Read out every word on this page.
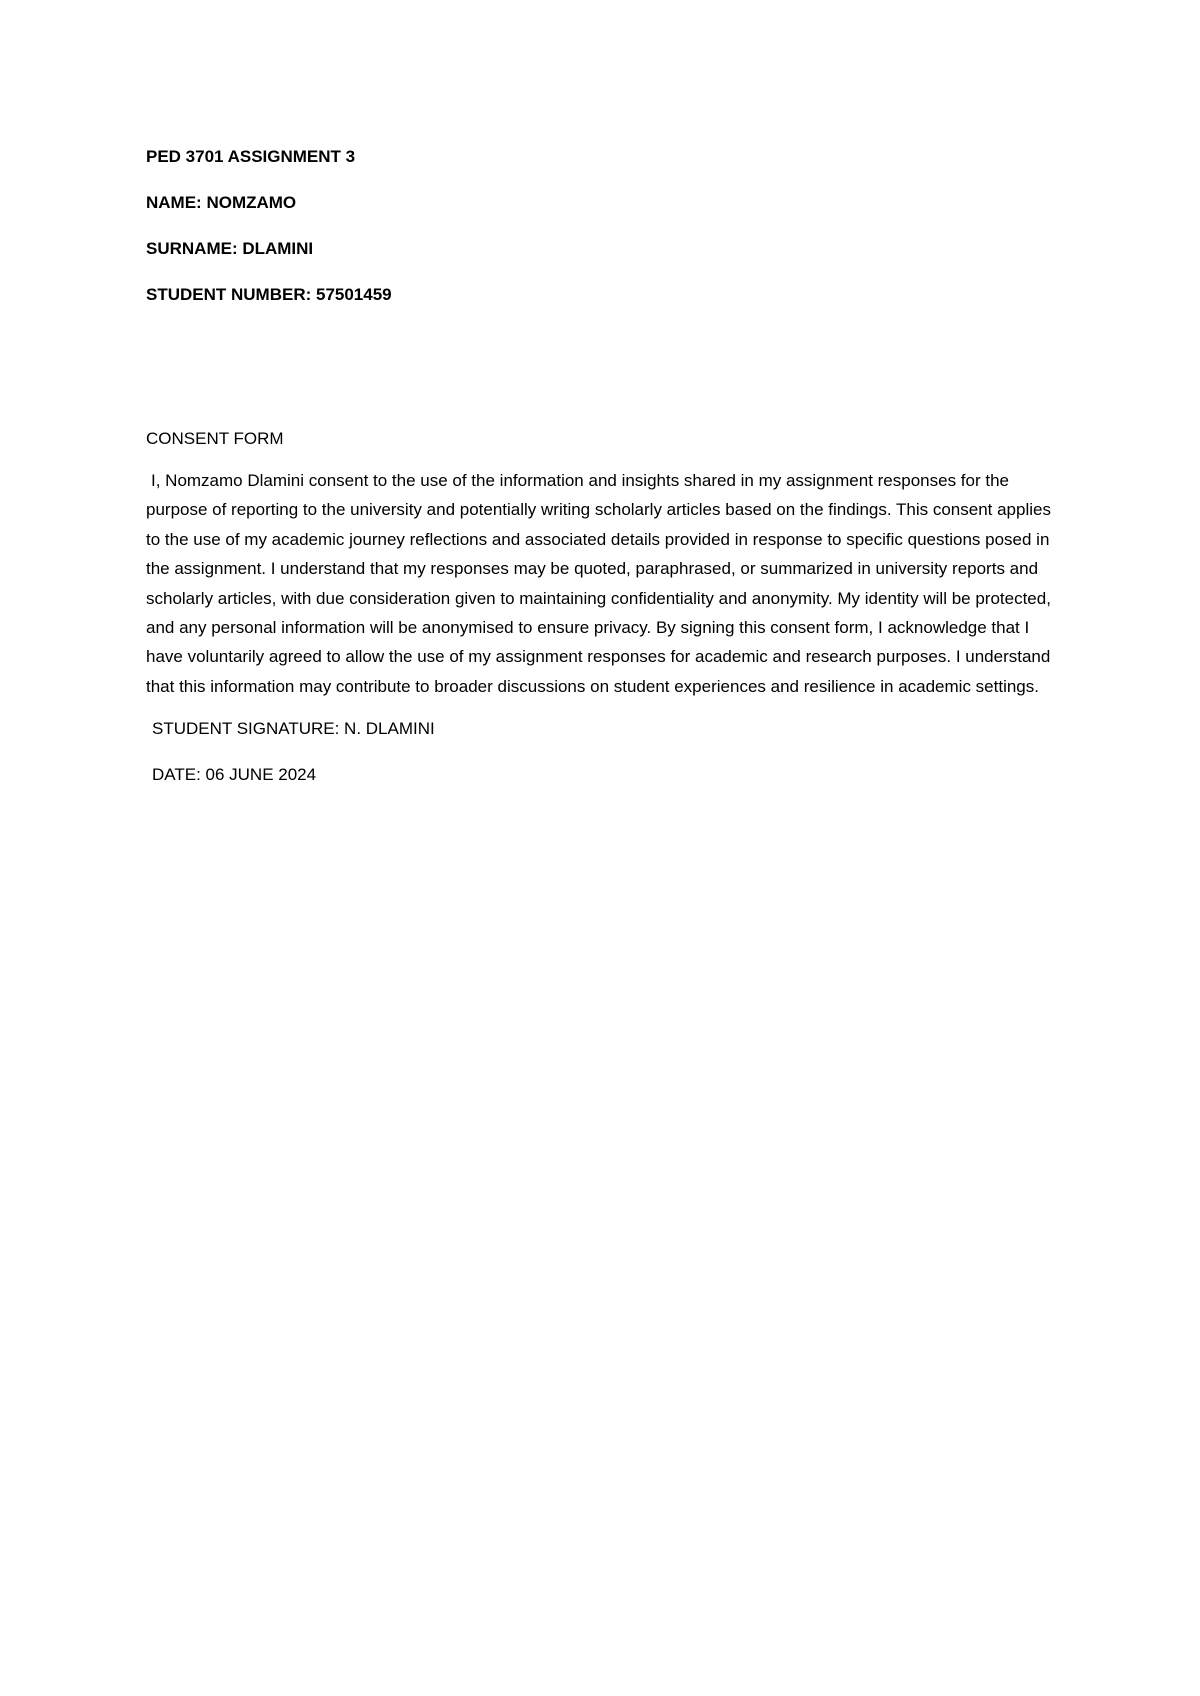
PED 3701 ASSIGNMENT 3
NAME: NOMZAMO
SURNAME: DLAMINI
STUDENT NUMBER: 57501459
CONSENT FORM

I, Nomzamo Dlamini consent to the use of the information and insights shared in my assignment responses for the purpose of reporting to the university and potentially writing scholarly articles based on the findings. This consent applies to the use of my academic journey reflections and associated details provided in response to specific questions posed in the assignment. I understand that my responses may be quoted, paraphrased, or summarized in university reports and scholarly articles, with due consideration given to maintaining confidentiality and anonymity. My identity will be protected, and any personal information will be anonymised to ensure privacy. By signing this consent form, I acknowledge that I have voluntarily agreed to allow the use of my assignment responses for academic and research purposes. I understand that this information may contribute to broader discussions on student experiences and resilience in academic settings.

STUDENT SIGNATURE: N. DLAMINI
DATE: 06 JUNE 2024
